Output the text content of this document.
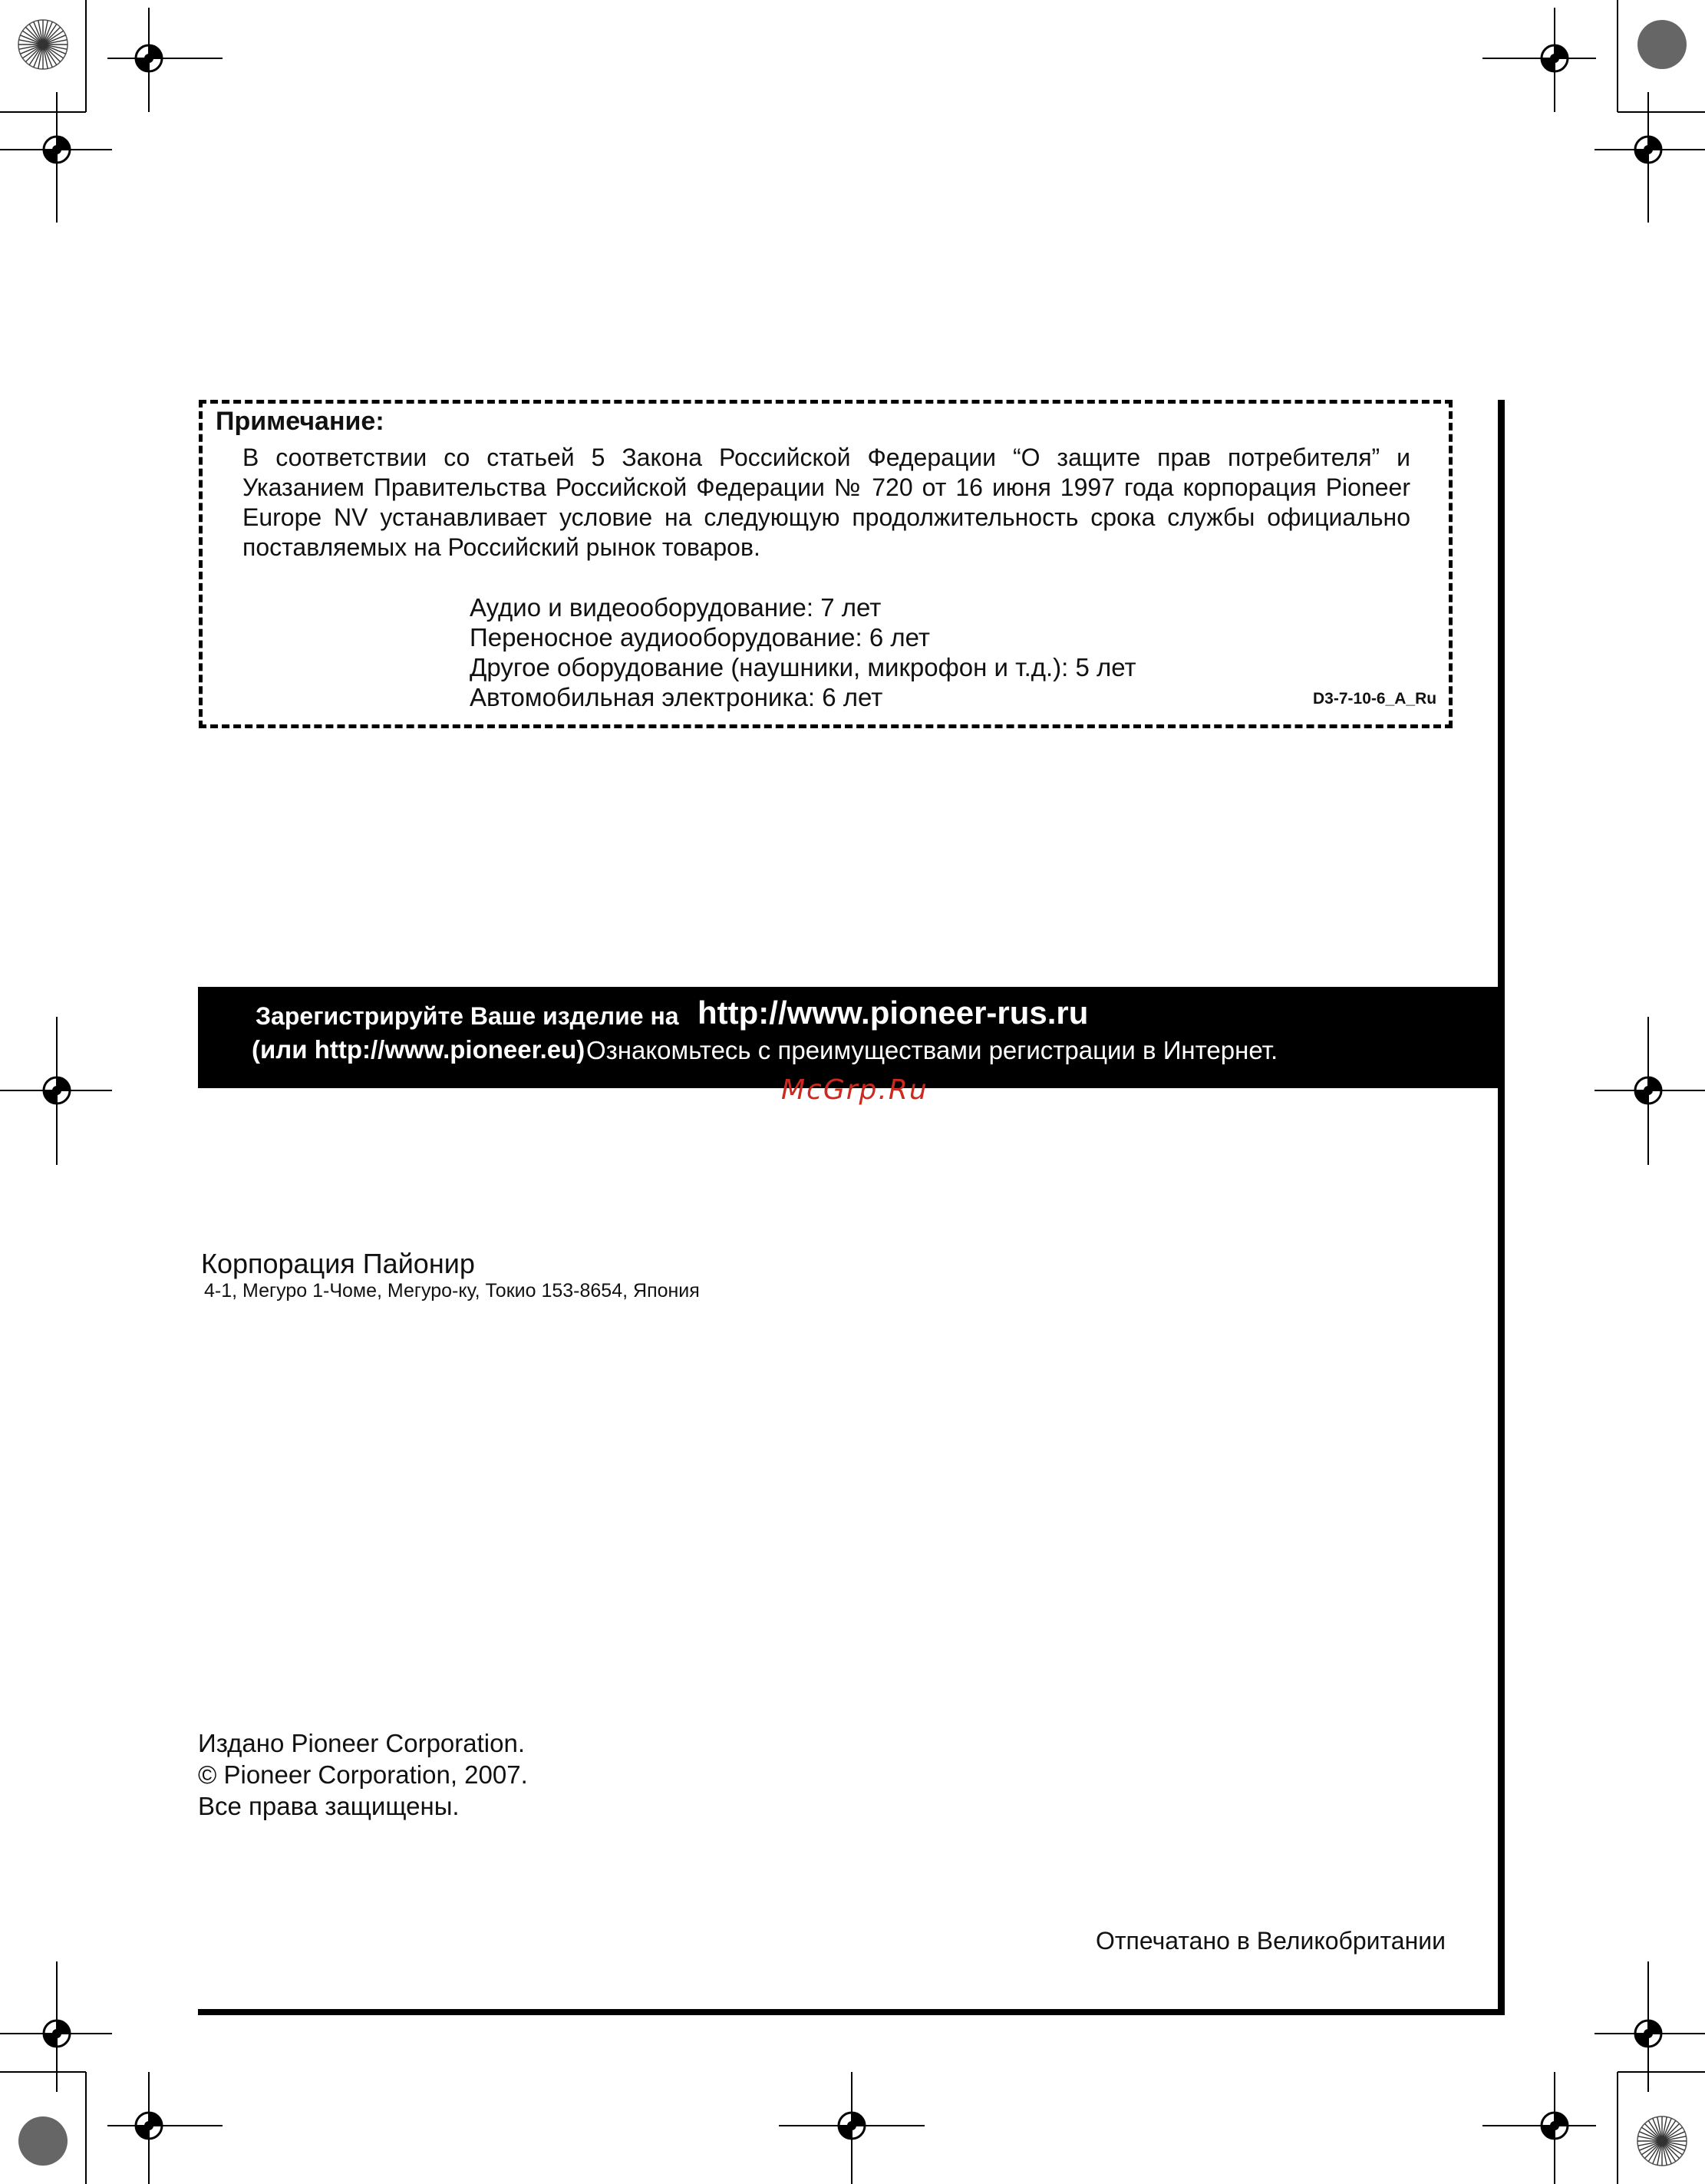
Примечание:
В соответствии со статьей 5 Закона Российской Федерации “О защите прав потребителя” и Указанием Правительства Российской Федерации № 720 от 16 июня 1997 года корпорация Pioneer Europe NV устанавливает условие на следующую продолжительность срока службы официально поставляемых на Российский рынок товаров.
Аудио и видеооборудование: 7 лет
Переносное аудиооборудование: 6 лет
Другое оборудование (наушники, микрофон и т.д.): 5 лет
Автомобильная электроника: 6 лет	D3-7-10-6_A_Ru
Зарегистрируйте Ваше изделие на http://www.pioneer-rus.ru
(или http://www.pioneer.eu) Ознакомьтесь с преимуществами регистрации в Интернет.
McGrp.Ru
Корпорация Пайонир
4-1, Мегуро 1-Чоме, Мегуро-ку, Токио 153-8654, Япония
Издано Pioneer Corporation.
© Pioneer Corporation, 2007.
Все права защищены.
Отпечатано в Великобритании
